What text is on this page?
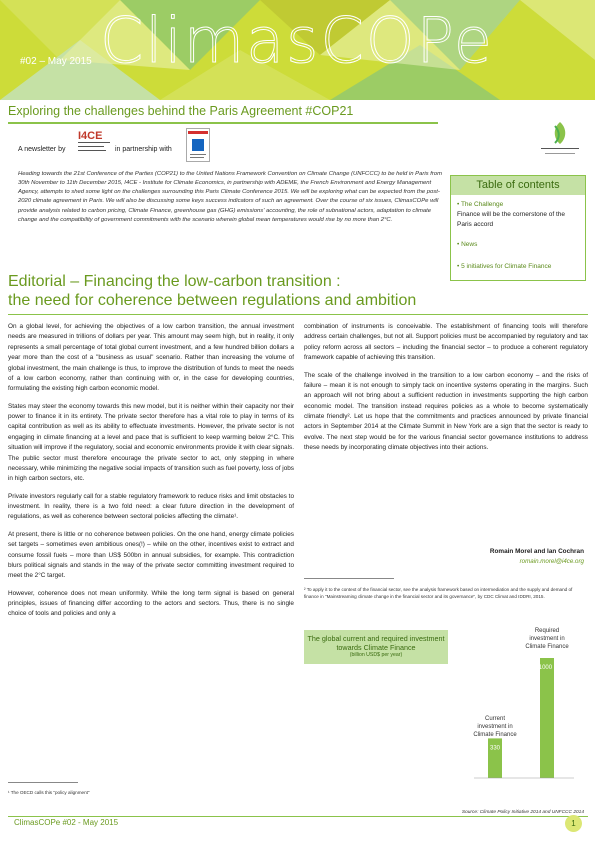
#02 – May 2015 ClimasCOPe
Exploring the challenges behind the Paris Agreement #COP21
A newsletter by
I4CE
in partnership with
Heading towards the 21st Conference of the Parties (COP21) to the United Nations Framework Convention on Climate Change (UNFCCC) to be held in Paris from 30th November to 11th December 2015, I4CE - Institute for Climate Economics, in partnership with ADEME, the French Environment and Energy Management Agency, attempts to shed some light on the challenges surrounding this Paris Climate Conference 2015. We will be exploring what can be expected from the post-2020 climate agreement in Paris. We will also be discussing some keys success indicators of such an agreement. Over the course of six issues, ClimasCOPe will provide analysis related to carbon pricing, Climate Finance, greenhouse gas (GHG) emissions' accounting, the role of subnational actors, adaptation to climate change and the compatibility of government commitments with the scenario wherein global mean temperatures would rise by no more than 2°C.
Table of contents
• The Challenge
Finance will be the cornerstone of the Paris accord
• News
• 5 initiatives for Climate Finance
Editorial – Financing the low-carbon transition :
the need for coherence between regulations and ambition

On a global level, for achieving the objectives of a low carbon transition, the annual investment needs are measured in trillions of dollars per year. This amount may seem high, but in reality, it only represents a small percentage of total global current investment, and a few hundred billion dollars a year more than the cost of a "business as usual" scenario. Rather than increasing the volume of global investment, the main challenge is thus, to improve the distribution of funds to meet the needs of a low carbon economy, rather than continuing with or, in the case for developing countries, formulating the existing high carbon economic model.

States may steer the economy towards this new model, but it is neither within their capacity nor their power to finance it in its entirety. The private sector therefore has a vital role to play in terms of its capital contribution as well as its ability to effectuate investments. However, the private sector is not engaging in climate financing at a level and pace that is sufficient to keep warming below 2°C. This situation will improve if the regulatory, social and economic environments provide it with clear signals. The public sector must therefore encourage the private sector to act, only stepping in where necessary, while minimizing the negative social impacts of transition such as fuel poverty, loss of jobs in high carbon sectors, etc.

Private investors regularly call for a stable regulatory framework to reduce risks and limit obstacles to investment. In reality, there is a two fold need: a clear future direction in the development of regulations, as well as coherence between sectoral policies affecting the climate¹.

At present, there is little or no coherence between policies. On the one hand, energy climate policies set targets – sometimes even ambitious ones(!) – while on the other, incentives exist to extract and consume fossil fuels – more than US$ 500bn in annual subsidies, for example. This contradiction blurs political signals and stands in the way of the private sector committing investment required to meet the 2°C target.

However, coherence does not mean uniformity. While the long term signal is based on general principles, issues of financing differ according to the actors and sectors. Thus, there is no single choice of tools and policies and only a

combination of instruments is conceivable. The establishment of financing tools will therefore address certain challenges, but not all. Support policies must be accompanied by regulatory and tax policy reform across all sectors – including the financial sector – to produce a coherent regulatory framework capable of achieving this transition.

The scale of the challenge involved in the transition to a low carbon economy – and the risks of failure – mean it is not enough to simply tack on incentive systems operating in the margins. Such an approach will not bring about a sufficient reduction in investments supporting the high carbon economic model. The transition instead requires policies as a whole to become systematically climate friendly². Let us hope that the commitments and practices announced by private financial actors in September 2014 at the Climate Summit in New York are a sign that the sector is ready to evolve. The next step would be for the various financial sector governance institutions to address these needs by incorporating climate objectives into their actions.

Romain Morel and Ian Cochran
romain.morel@i4ce.org
² To apply it to the context of the financial sector, see the analysis framework based on intermediation and the supply and demand of finance in "Mainstreaming climate change in the financial sector and its governance", by CDC Climat and IDDRI, 2015.
330
Current
investment in
Climate Finance
1000 +
Required
investment in
Climate Finance
The global current and required investment towards Climate Finance
(billion USD$ per year)
Source: Climate Policy Initiative 2014 and UNFCCC 2014
¹ The OECD calls this "policy alignment"
ClimasCOPe #02 - May 2015	1
